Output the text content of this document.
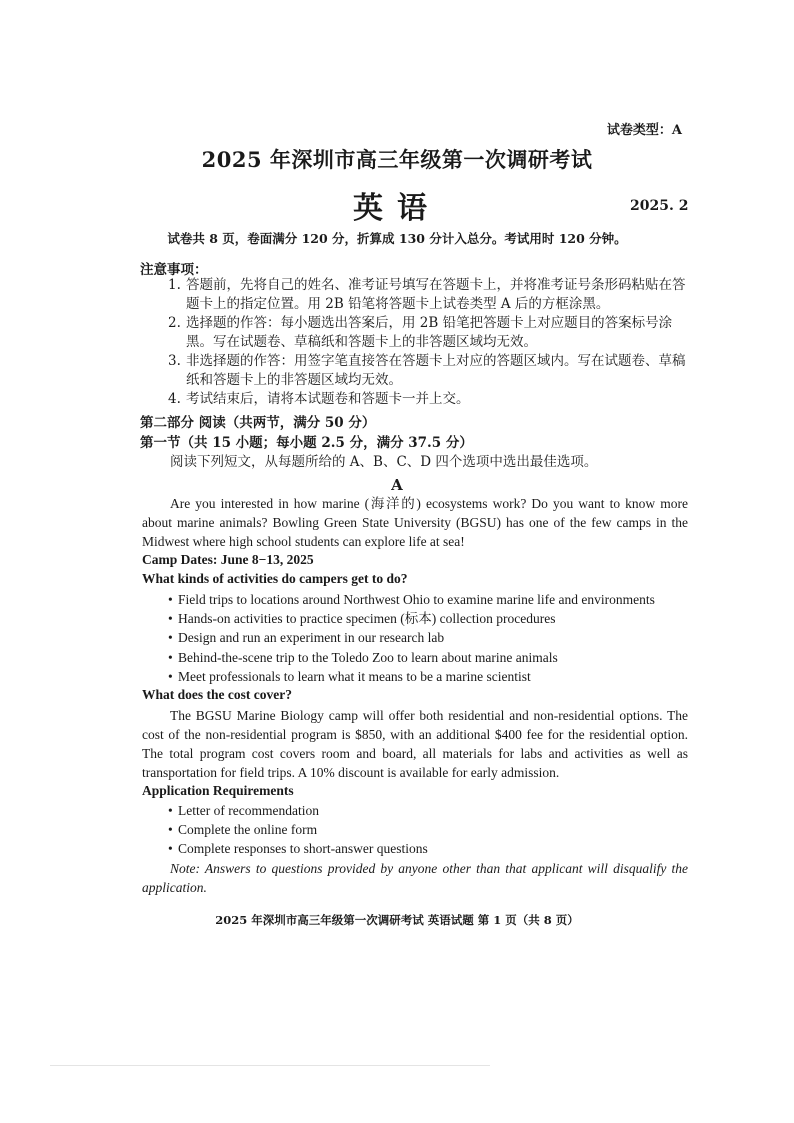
试卷类型：A
2025 年深圳市高三年级第一次调研考试
英语	2025. 2
试卷共 8 页，卷面满分 120 分，折算成 130 分计入总分。考试用时 120 分钟。
注意事项：
1. 答题前，先将自己的姓名、准考证号填写在答题卡上，并将准考证号条形码粘贴在答题卡上的指定位置。用 2B 铅笔将答题卡上试卷类型 A 后的方框涂黑。
2. 选择题的作答：每小题选出答案后，用 2B 铅笔把答题卡上对应题目的答案标号涂黑。写在试题卷、草稿纸和答题卡上的非答题区域均无效。
3. 非选择题的作答：用签字笔直接答在答题卡上对应的答题区域内。写在试题卷、草稿纸和答题卡上的非答题区域均无效。
4. 考试结束后，请将本试题卷和答题卡一并上交。
第二部分 阅读（共两节，满分 50 分）
第一节（共 15 小题；每小题 2.5 分，满分 37.5 分）
阅读下列短文，从每题所给的 A、B、C、D 四个选项中选出最佳选项。
A

Are you interested in how marine (海洋的) ecosystems work? Do you want to know more about marine animals? Bowling Green State University (BGSU) has one of the few camps in the Midwest where high school students can explore life at sea!

Camp Dates: June 8−13, 2025
What kinds of activities do campers get to do?
• Field trips to locations around Northwest Ohio to examine marine life and environments
• Hands-on activities to practice specimen (标本) collection procedures
• Design and run an experiment in our research lab
• Behind-the-scene trip to the Toledo Zoo to learn about marine animals
• Meet professionals to learn what it means to be a marine scientist
What does the cost cover?

The BGSU Marine Biology camp will offer both residential and non-residential options. The cost of the non-residential program is $850, with an additional $400 fee for the residential option. The total program cost covers room and board, all materials for labs and activities as well as transportation for field trips. A 10% discount is available for early admission.

Application Requirements
• Letter of recommendation
• Complete the online form
• Complete responses to short-answer questions

Note: Answers to questions provided by anyone other than that applicant will disqualify the application.

2025 年深圳市高三年级第一次调研考试 英语试题 第 1 页（共 8 页）
